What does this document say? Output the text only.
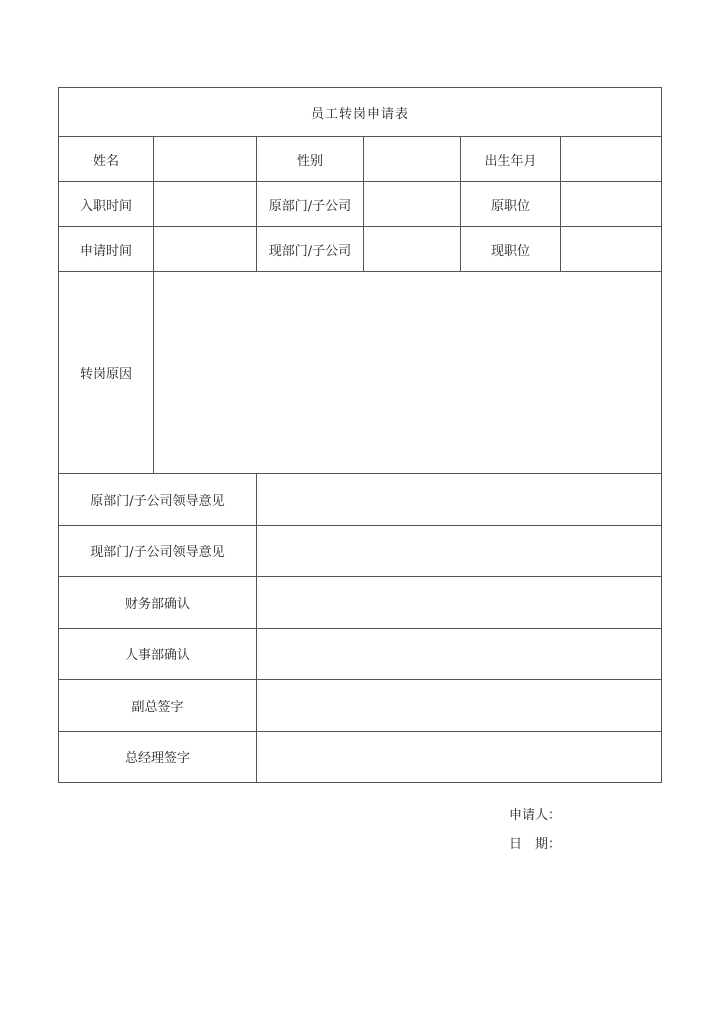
员工转岗申请表					
姓名		性别		出生年月	
入职时间		原部门/子公司		原职位	
申请时间		现部门/子公司		现职位	
转岗原因					
原部门/子公司领导意见					
现部门/子公司领导意见					
财务部确认					
人事部确认					
副总签字					
总经理签字					
申请人：
日　期：
